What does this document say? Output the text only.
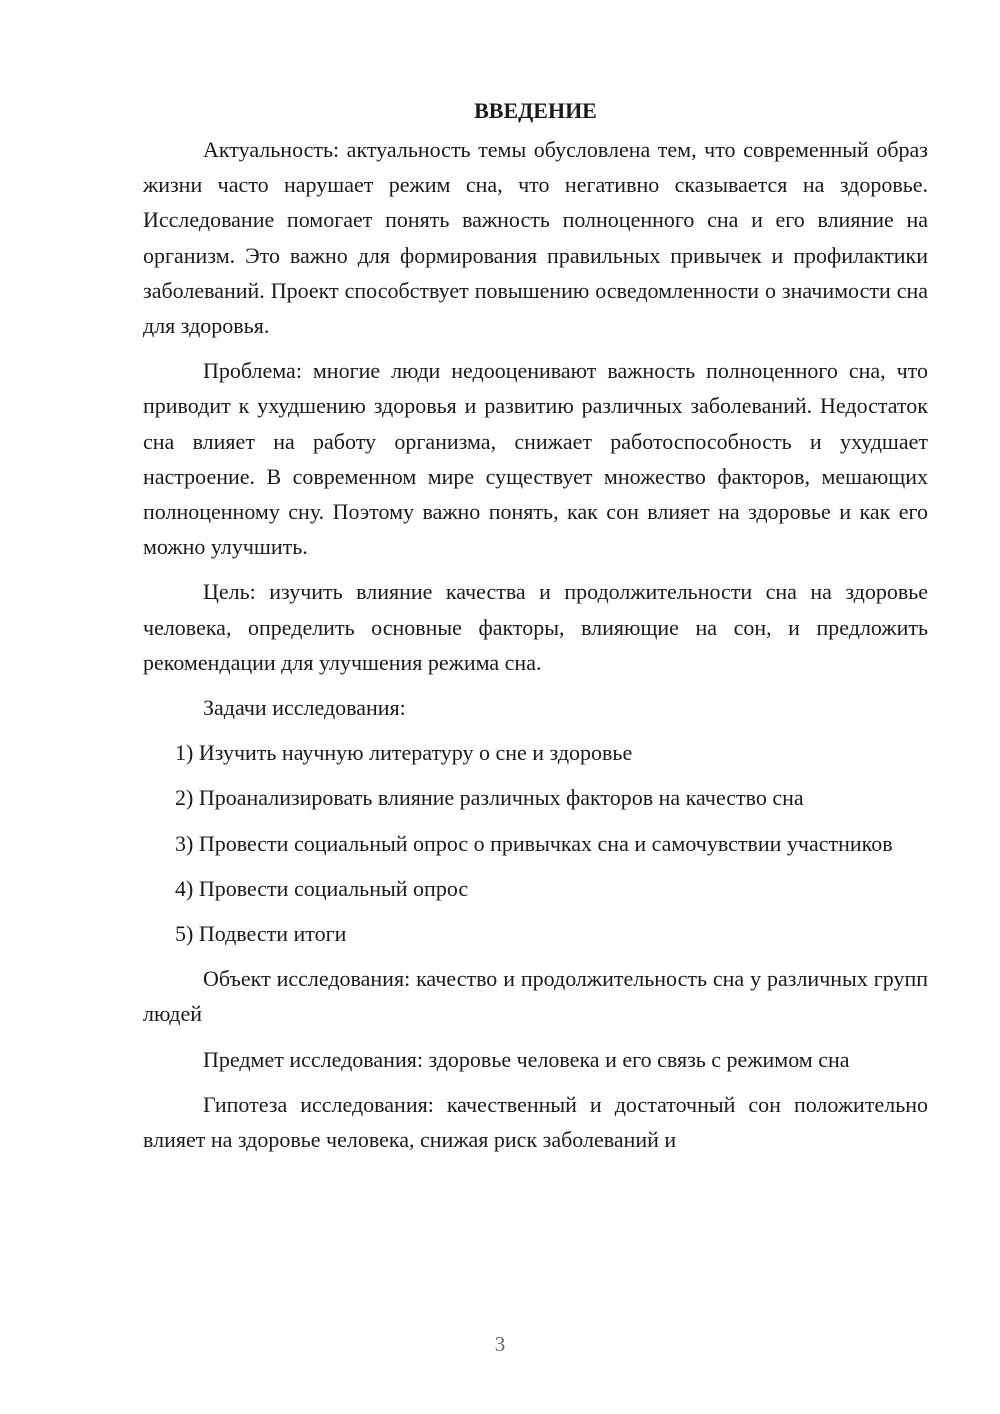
ВВЕДЕНИЕ

Актуальность: актуальность темы обусловлена тем, что современный образ жизни часто нарушает режим сна, что негативно сказывается на здоровье. Исследование помогает понять важность полноценного сна и его влияние на организм. Это важно для формирования правильных привычек и профилактики заболеваний. Проект способствует повышению осведомленности о значимости сна для здоровья.

Проблема: многие люди недооценивают важность полноценного сна, что приводит к ухудшению здоровья и развитию различных заболеваний. Недостаток сна влияет на работу организма, снижает работоспособность и ухудшает настроение. В современном мире существует множество факторов, мешающих полноценному сну. Поэтому важно понять, как сон влияет на здоровье и как его можно улучшить.

Цель: изучить влияние качества и продолжительности сна на здоровье человека, определить основные факторы, влияющие на сон, и предложить рекомендации для улучшения режима сна.

Задачи исследования:

1) Изучить научную литературу о сне и здоровье

2) Проанализировать влияние различных факторов на качество сна

3) Провести социальный опрос о привычках сна и самочувствии участников

4) Провести социальный опрос

5) Подвести итоги

Объект исследования: качество и продолжительность сна у различных групп людей

Предмет исследования: здоровье человека и его связь с режимом сна

Гипотеза исследования: качественный и достаточный сон положительно влияет на здоровье человека, снижая риск заболеваний и

3
